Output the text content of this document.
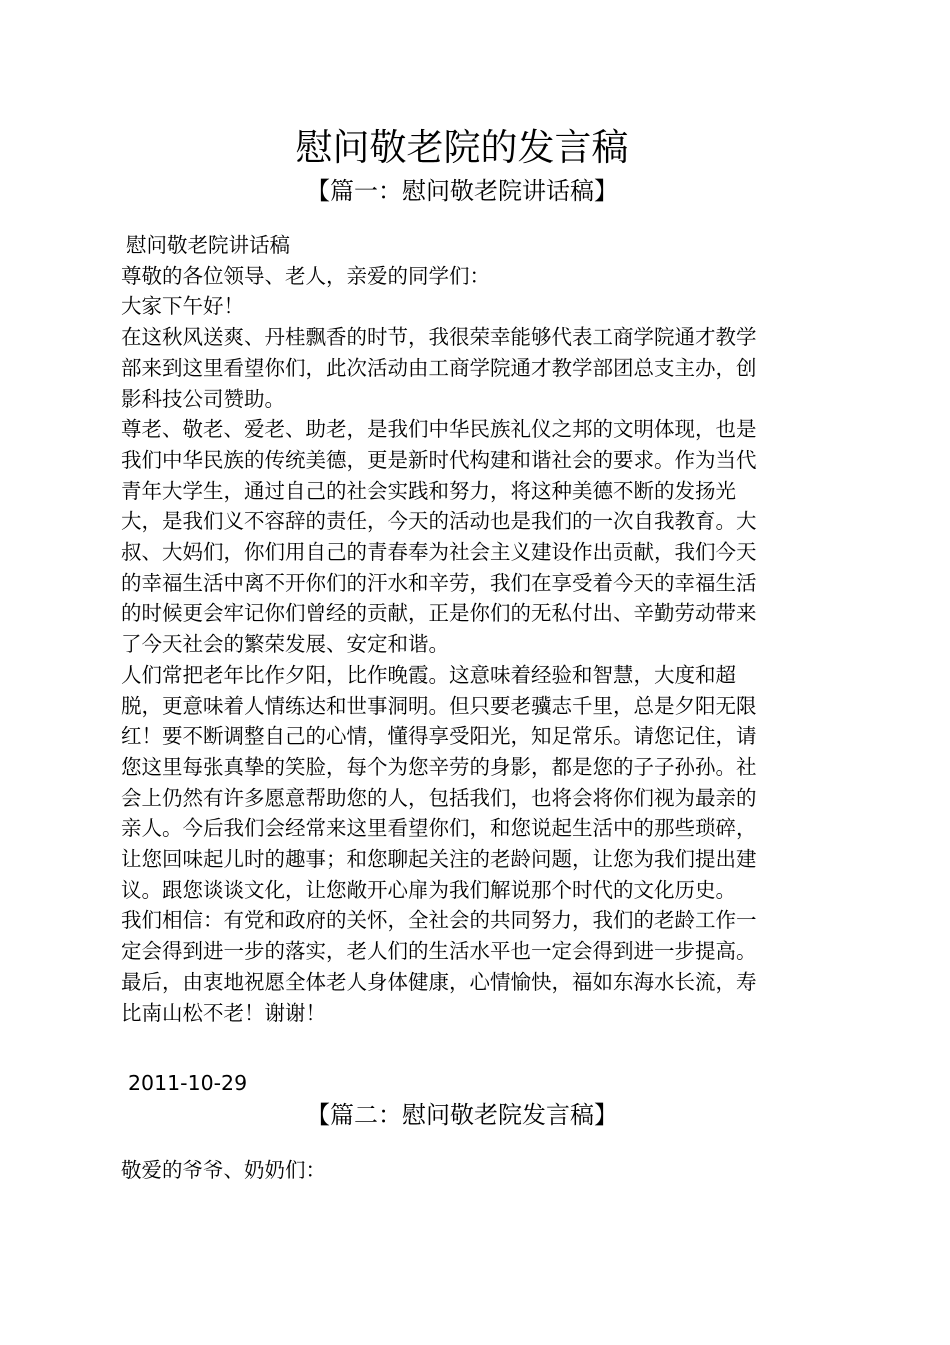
慰问敬老院的发言稿
【篇一：慰问敬老院讲话稿】

慰问敬老院讲话稿

尊敬的各位领导、老人，亲爱的同学们：

大家下午好！

在这秋风送爽、丹桂飘香的时节，我很荣幸能够代表工商学院通才教学部来到这里看望你们，此次活动由工商学院通才教学部团总支主办，创影科技公司赞助。

尊老、敬老、爱老、助老，是我们中华民族礼仪之邦的文明体现，也是我们中华民族的传统美德，更是新时代构建和谐社会的要求。作为当代青年大学生，通过自己的社会实践和努力，将这种美德不断的发扬光大，是我们义不容辞的责任，今天的活动也是我们的一次自我教育。大叔、大妈们，你们用自己的青春奉为社会主义建设作出贡献，我们今天的幸福生活中离不开你们的汗水和辛劳，我们在享受着今天的幸福生活的时候更会牢记你们曾经的贡献，正是你们的无私付出、辛勤劳动带来了今天社会的繁荣发展、安定和谐。

人们常把老年比作夕阳，比作晚霞。这意味着经验和智慧，大度和超脱，更意味着人情练达和世事洞明。但只要老骥志千里，总是夕阳无限红！要不断调整自己的心情，懂得享受阳光，知足常乐。请您记住，请您这里每张真挚的笑脸，每个为您辛劳的身影，都是您的子子孙孙。社会上仍然有许多愿意帮助您的人，包括我们，也将会将你们视为最亲的亲人。今后我们会经常来这里看望你们，和您说起生活中的那些琐碎，让您回味起儿时的趣事；和您聊起关注的老龄问题，让您为我们提出建议。跟您谈谈文化，让您敞开心扉为我们解说那个时代的文化历史。

我们相信：有党和政府的关怀，全社会的共同努力，我们的老龄工作一定会得到进一步的落实，老人们的生活水平也一定会得到进一步提高。最后，由衷地祝愿全体老人身体健康，心情愉快，福如东海水长流，寿比南山松不老！谢谢！

2011-10-29
【篇二：慰问敬老院发言稿】
敬爱的爷爷、奶奶们：
